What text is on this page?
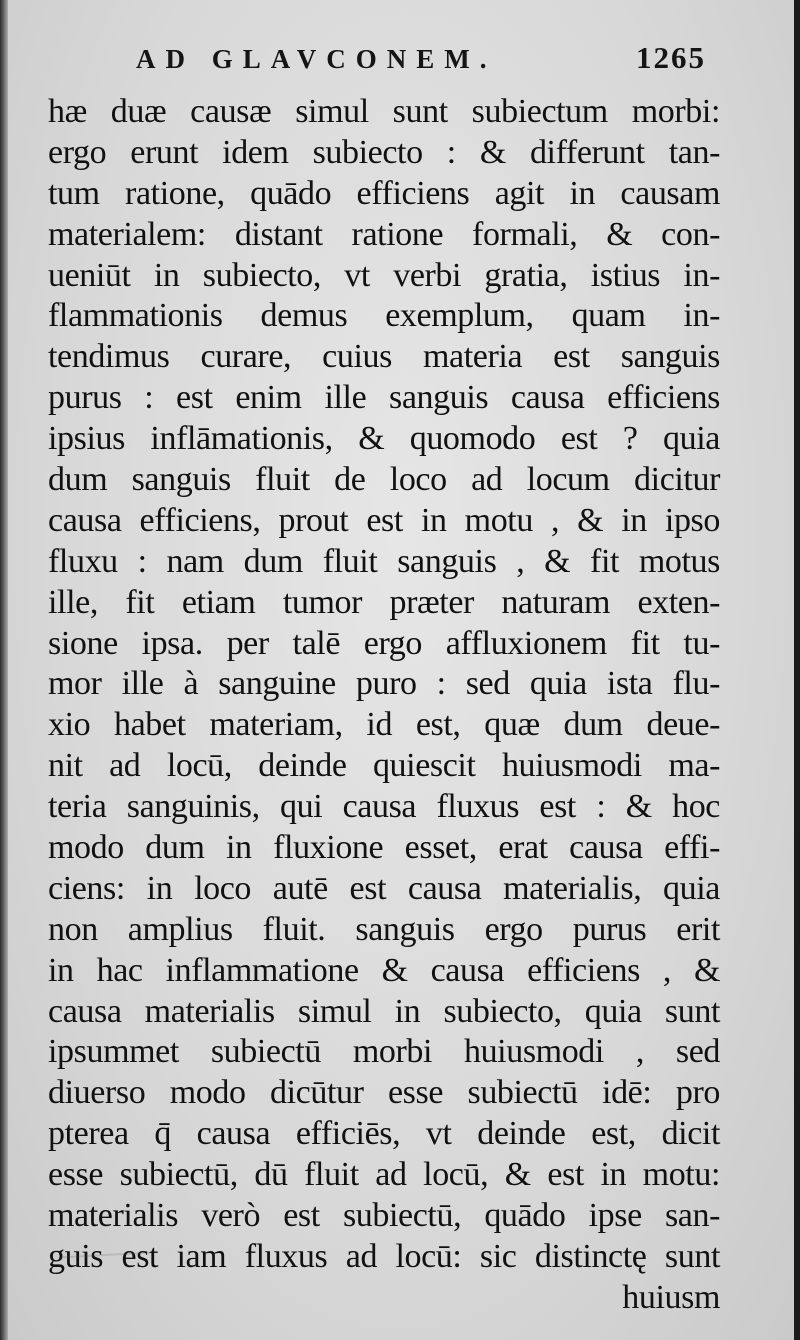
AD GLAVCONEM.	1265
hæ duæ causæ simul sunt subiectum morbi:
ergo erunt idem subiecto : & differunt tan-
tum ratione, quādo efficiens agit in causam
materialem: distant ratione formali, & con-
ueniūt in subiecto, vt verbi gratia, istius in-
flammationis demus exemplum, quam in-
tendimus curare, cuius materia est sanguis
purus : est enim ille sanguis causa efficiens
ipsius inflāmationis, & quomodo est ? quia
dum sanguis fluit de loco ad locum dicitur
causa efficiens, prout est in motu , & in ipso
fluxu : nam dum fluit sanguis , & fit motus
ille, fit etiam tumor præter naturam exten-
sione ipsa. per talē ergo affluxionem fit tu-
mor ille à sanguine puro : sed quia ista flu-
xio habet materiam, id est, quæ dum deue-
nit ad locū, deinde quiescit huiusmodi ma-
teria sanguinis, qui causa fluxus est : & hoc
modo dum in fluxione esset, erat causa effi-
ciens: in loco autē est causa materialis, quia
non amplius fluit. sanguis ergo purus erit
in hac inflammatione & causa efficiens , &
causa materialis simul in subiecto, quia sunt
ipsummet subiectū morbi huiusmodi , sed
diuerso modo dicūtur esse subiectū idē: pro
pterea q̄ causa efficiēs, vt deinde est, dicit
esse subiectū, dū fluit ad locū, & est in motu:
materialis verò est subiectū, quādo ipse san-
guis est iam fluxus ad locū: sic distinctę sunt
huiusm
